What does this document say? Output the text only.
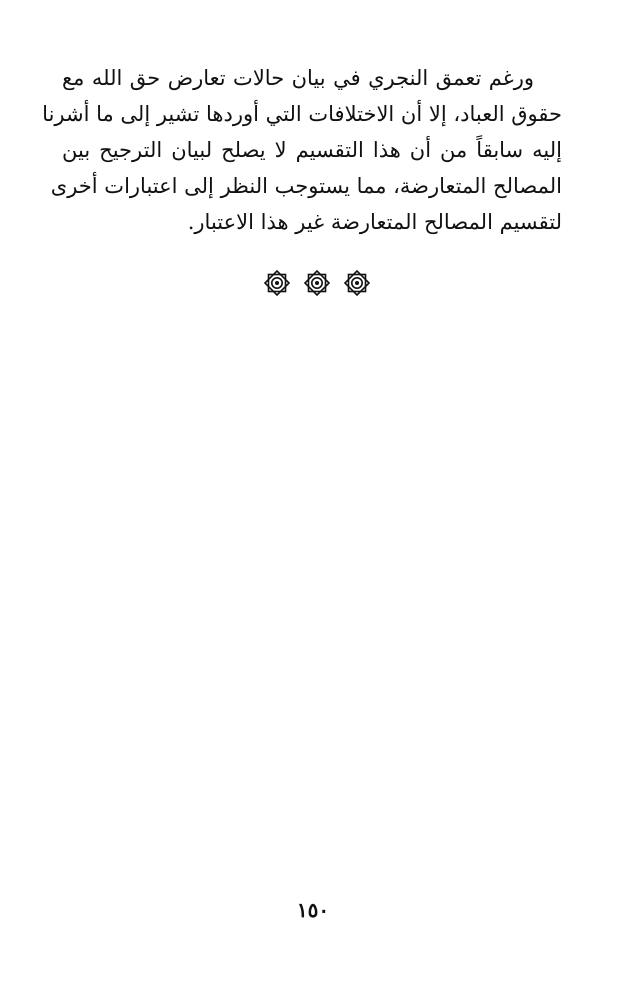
ورغم تعمق النجري في بيان حالات تعارض حق الله مع
حقوق العباد، إلا أن الاختلافات التي أوردها تشير إلى ما أشرنا
إليه سابقاً من أن هذا التقسيم لا يصلح لبيان الترجيح بين
المصالح المتعارضة، مما يستوجب النظر إلى اعتبارات أخرى
لتقسيم المصالح المتعارضة غير هذا الاعتبار.
١٥٠
